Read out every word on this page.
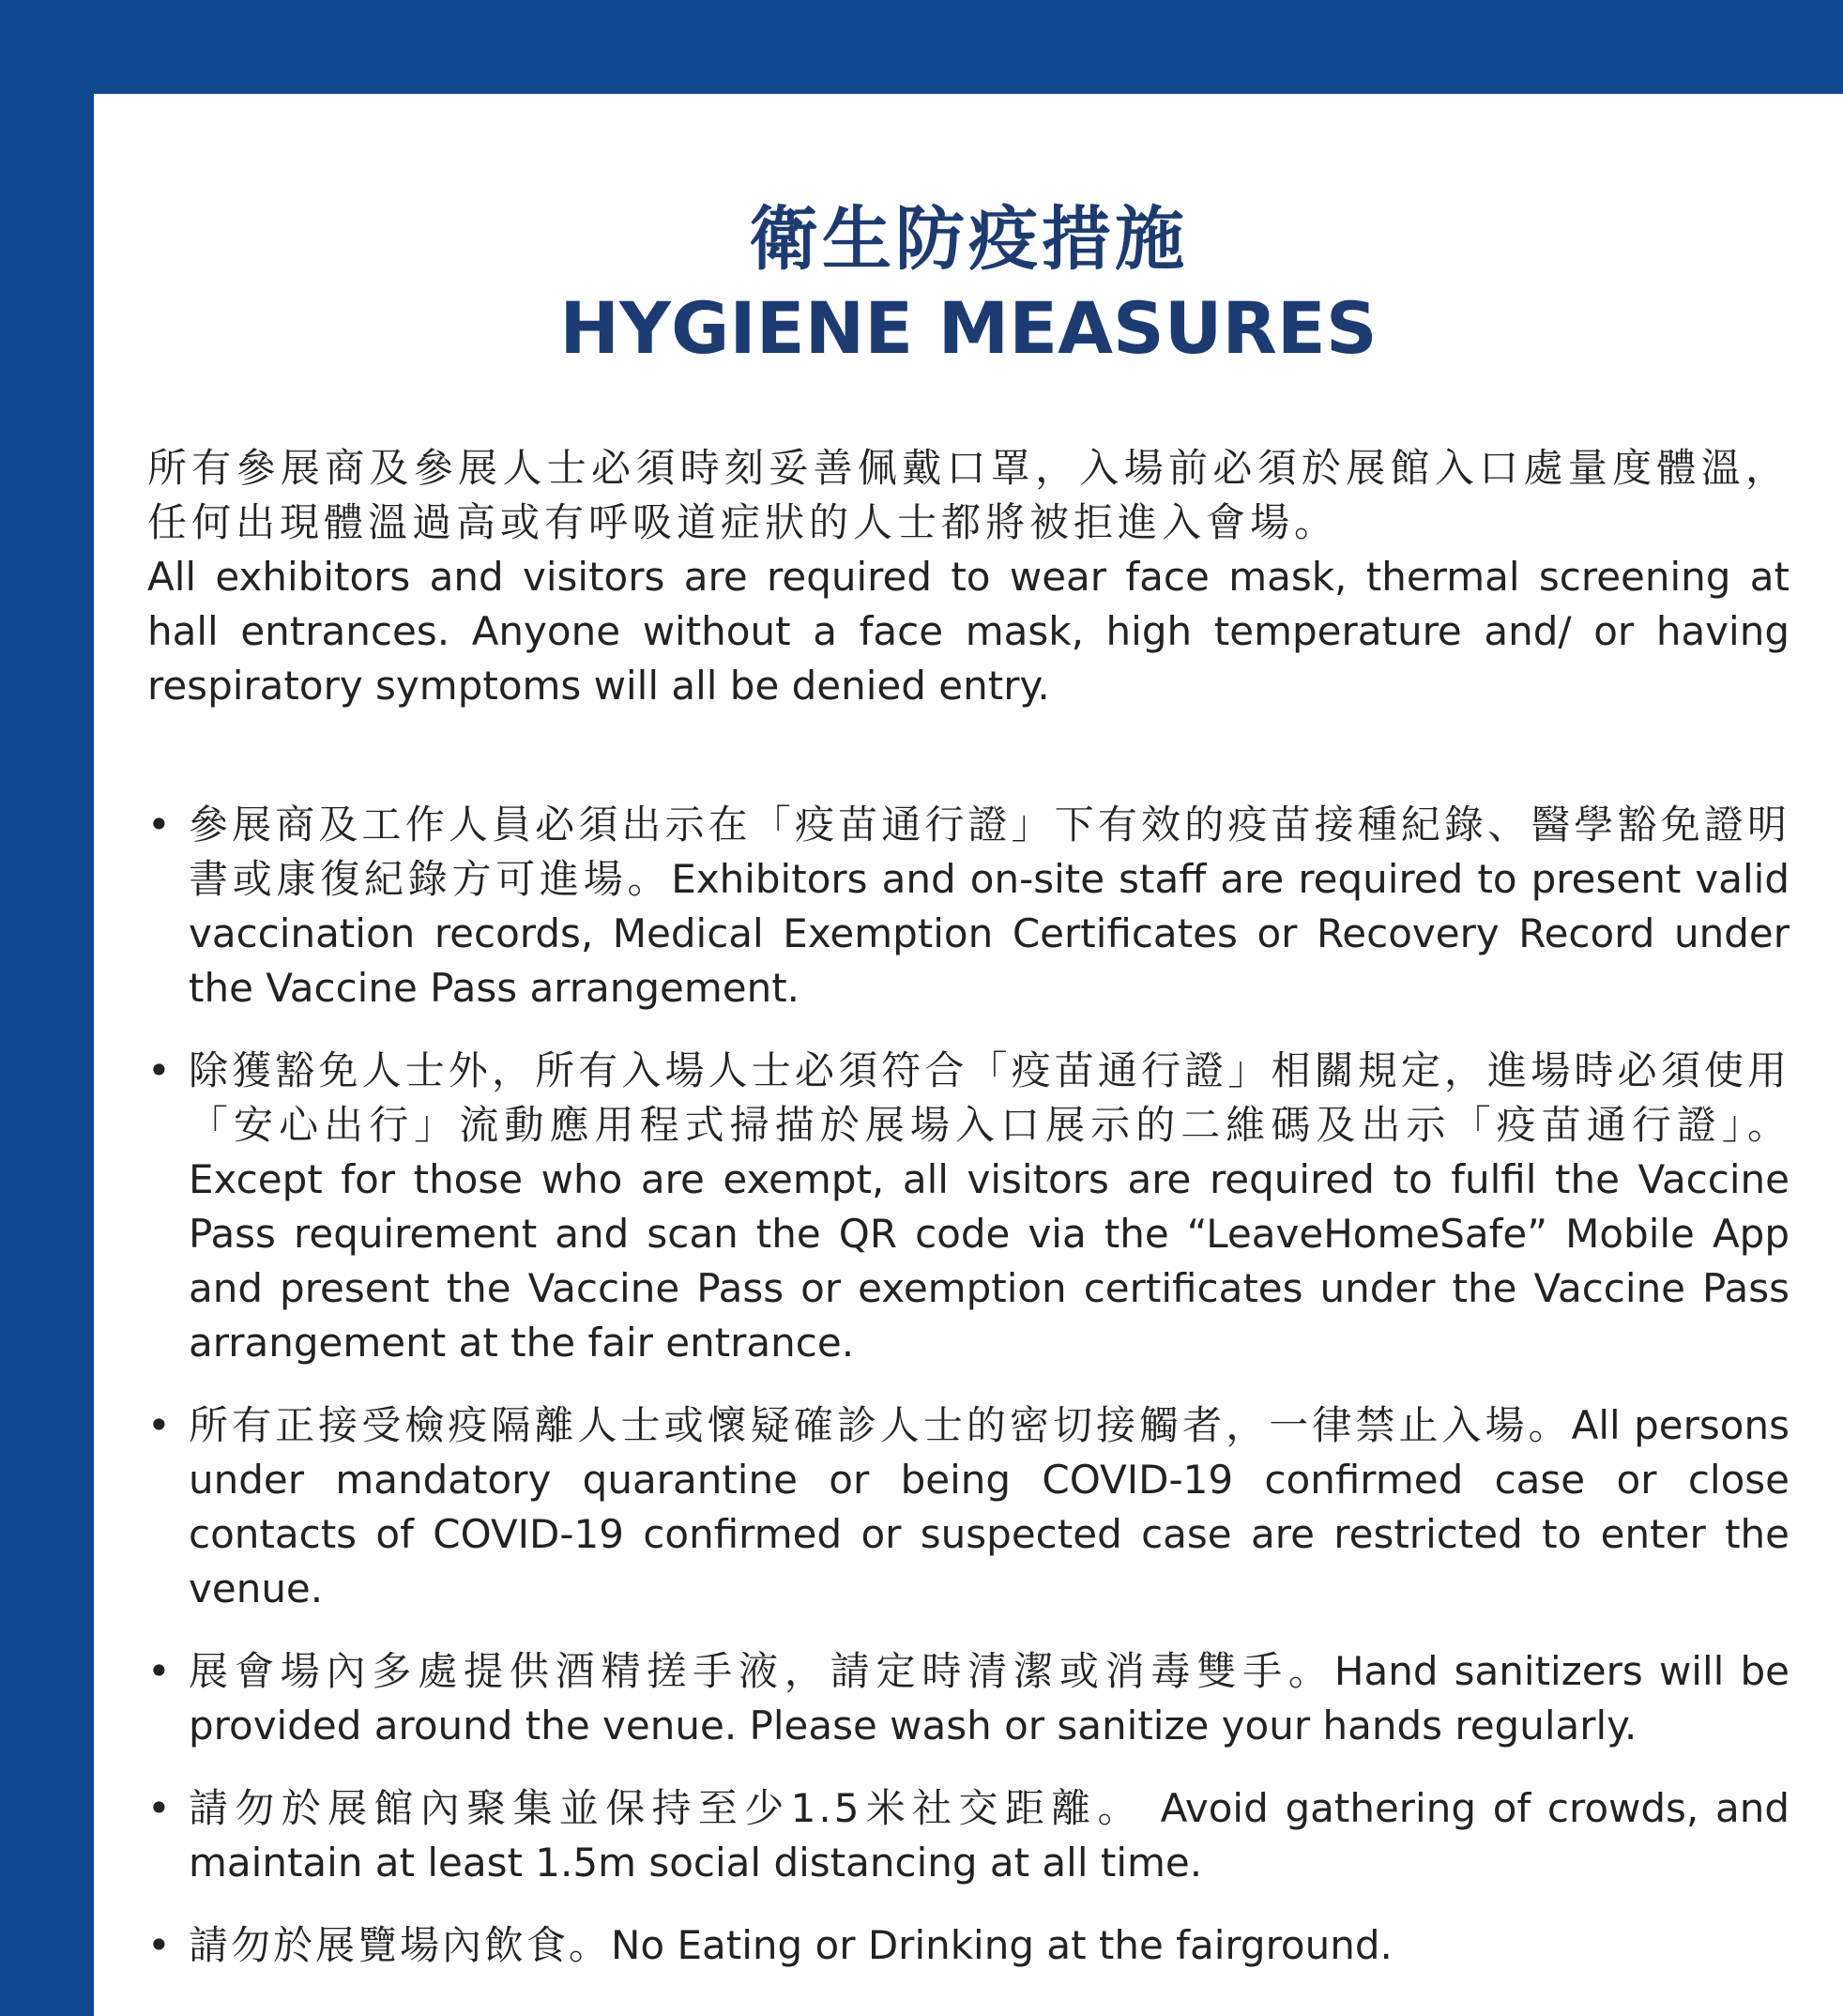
衛生防疫措施
HYGIENE MEASURES
所有參展商及參展人士必須時刻妥善佩戴口罩，入場前必須於展館入口處量度體溫，任何出現體溫過高或有呼吸道症狀的人士都將被拒進入會場。
All exhibitors and visitors are required to wear face mask, thermal screening at hall entrances. Anyone without a face mask, high temperature and/ or having respiratory symptoms will all be denied entry.
• 參展商及工作人員必須出示在「疫苗通行證」下有效的疫苗接種紀錄、醫學豁免證明書或康復紀錄方可進場。Exhibitors and on-site staff are required to present valid vaccination records, Medical Exemption Certificates or Recovery Record under the Vaccine Pass arrangement.
• 除獲豁免人士外，所有入場人士必須符合「疫苗通行證」相關規定，進場時必須使用「安心出行」流動應用程式掃描於展場入口展示的二維碼及出示「疫苗通行證」。Except for those who are exempt, all visitors are required to fulfil the Vaccine Pass requirement and scan the QR code via the “LeaveHomeSafe” Mobile App and present the Vaccine Pass or exemption certificates under the Vaccine Pass arrangement at the fair entrance.
• 所有正接受檢疫隔離人士或懷疑確診人士的密切接觸者，一律禁止入場。All persons under mandatory quarantine or being COVID-19 confirmed case or close contacts of COVID-19 confirmed or suspected case are restricted to enter the venue.
• 展會場內多處提供酒精搓手液，請定時清潔或消毒雙手。Hand sanitizers will be provided around the venue. Please wash or sanitize your hands regularly.
• 請勿於展館內聚集並保持至少1.5米社交距離。 Avoid gathering of crowds, and maintain at least 1.5m social distancing at all time.
• 請勿於展覽場內飲食。No Eating or Drinking at the fairground.
